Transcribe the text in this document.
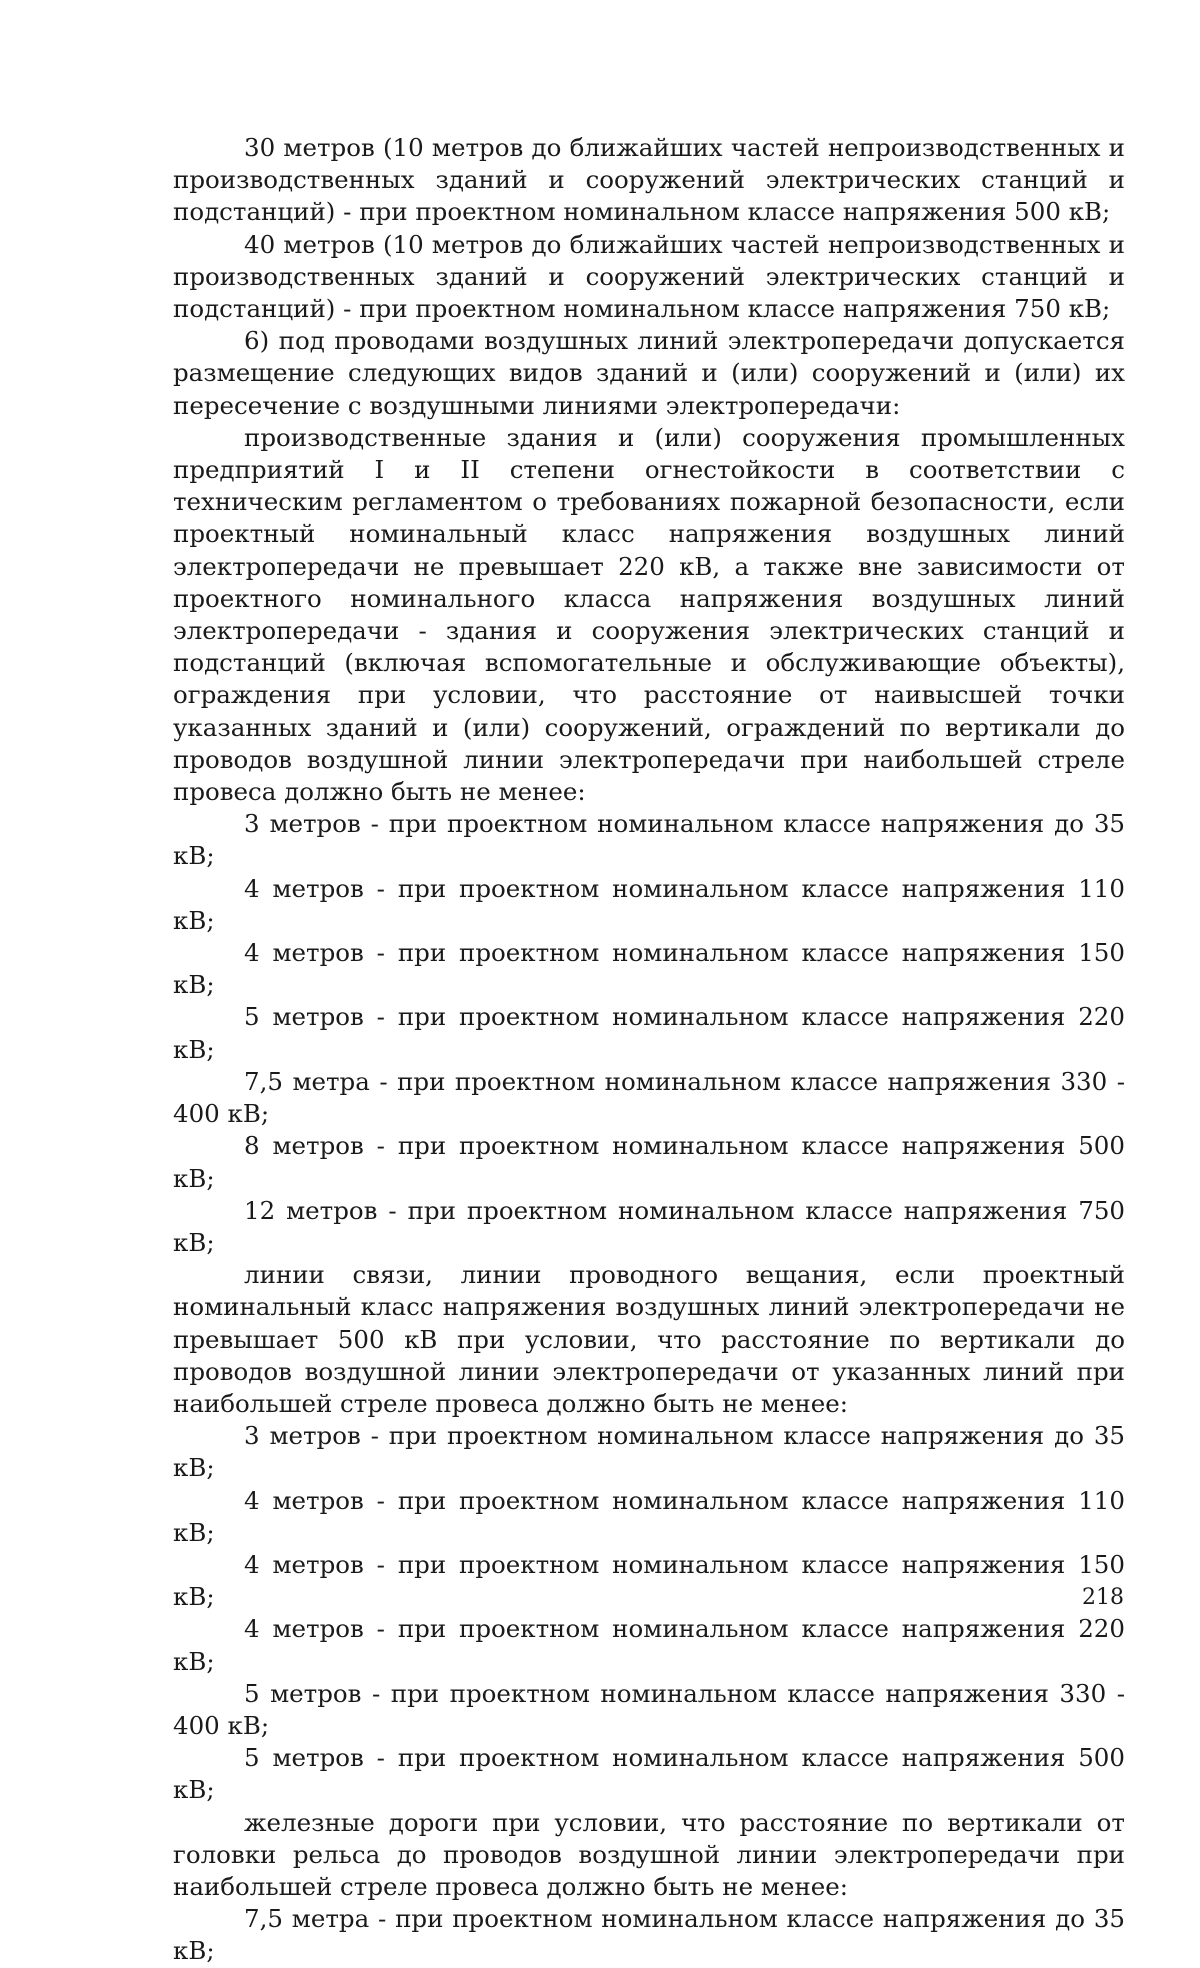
30 метров (10 метров до ближайших частей непроизводственных и производственных зданий и сооружений электрических станций и подстанций) - при проектном номинальном классе напряжения 500 кВ;

40 метров (10 метров до ближайших частей непроизводственных и производственных зданий и сооружений электрических станций и подстанций) - при проектном номинальном классе напряжения 750 кВ;

6) под проводами воздушных линий электропередачи допускается размещение следующих видов зданий и (или) сооружений и (или) их пересечение с воздушными линиями электропередачи:

производственные здания и (или) сооружения промышленных предприятий I и II степени огнестойкости в соответствии с техническим регламентом о требованиях пожарной безопасности, если проектный номинальный класс напряжения воздушных линий электропередачи не превышает 220 кВ, а также вне зависимости от проектного номинального класса напряжения воздушных линий электропередачи - здания и сооружения электрических станций и подстанций (включая вспомогательные и обслуживающие объекты), ограждения при условии, что расстояние от наивысшей точки указанных зданий и (или) сооружений, ограждений по вертикали до проводов воздушной линии электропередачи при наибольшей стреле провеса должно быть не менее:

3 метров - при проектном номинальном классе напряжения до 35 кВ;

4 метров - при проектном номинальном классе напряжения 110 кВ;

4 метров - при проектном номинальном классе напряжения 150 кВ;

5 метров - при проектном номинальном классе напряжения 220 кВ;

7,5 метра - при проектном номинальном классе напряжения 330 - 400 кВ;

8 метров - при проектном номинальном классе напряжения 500 кВ;

12 метров - при проектном номинальном классе напряжения 750 кВ;

линии связи, линии проводного вещания, если проектный номинальный класс напряжения воздушных линий электропередачи не превышает 500 кВ при условии, что расстояние по вертикали до проводов воздушной линии электропередачи от указанных линий при наибольшей стреле провеса должно быть не менее:

3 метров - при проектном номинальном классе напряжения до 35 кВ;

4 метров - при проектном номинальном классе напряжения 110 кВ;

4 метров - при проектном номинальном классе напряжения 150 кВ;

4 метров - при проектном номинальном классе напряжения 220 кВ;

5 метров - при проектном номинальном классе напряжения 330 - 400 кВ;

5 метров - при проектном номинальном классе напряжения 500 кВ;

железные дороги при условии, что расстояние по вертикали от головки рельса до проводов воздушной линии электропередачи при наибольшей стреле провеса должно быть не менее:

7,5 метра - при проектном номинальном классе напряжения до 35 кВ;

218
